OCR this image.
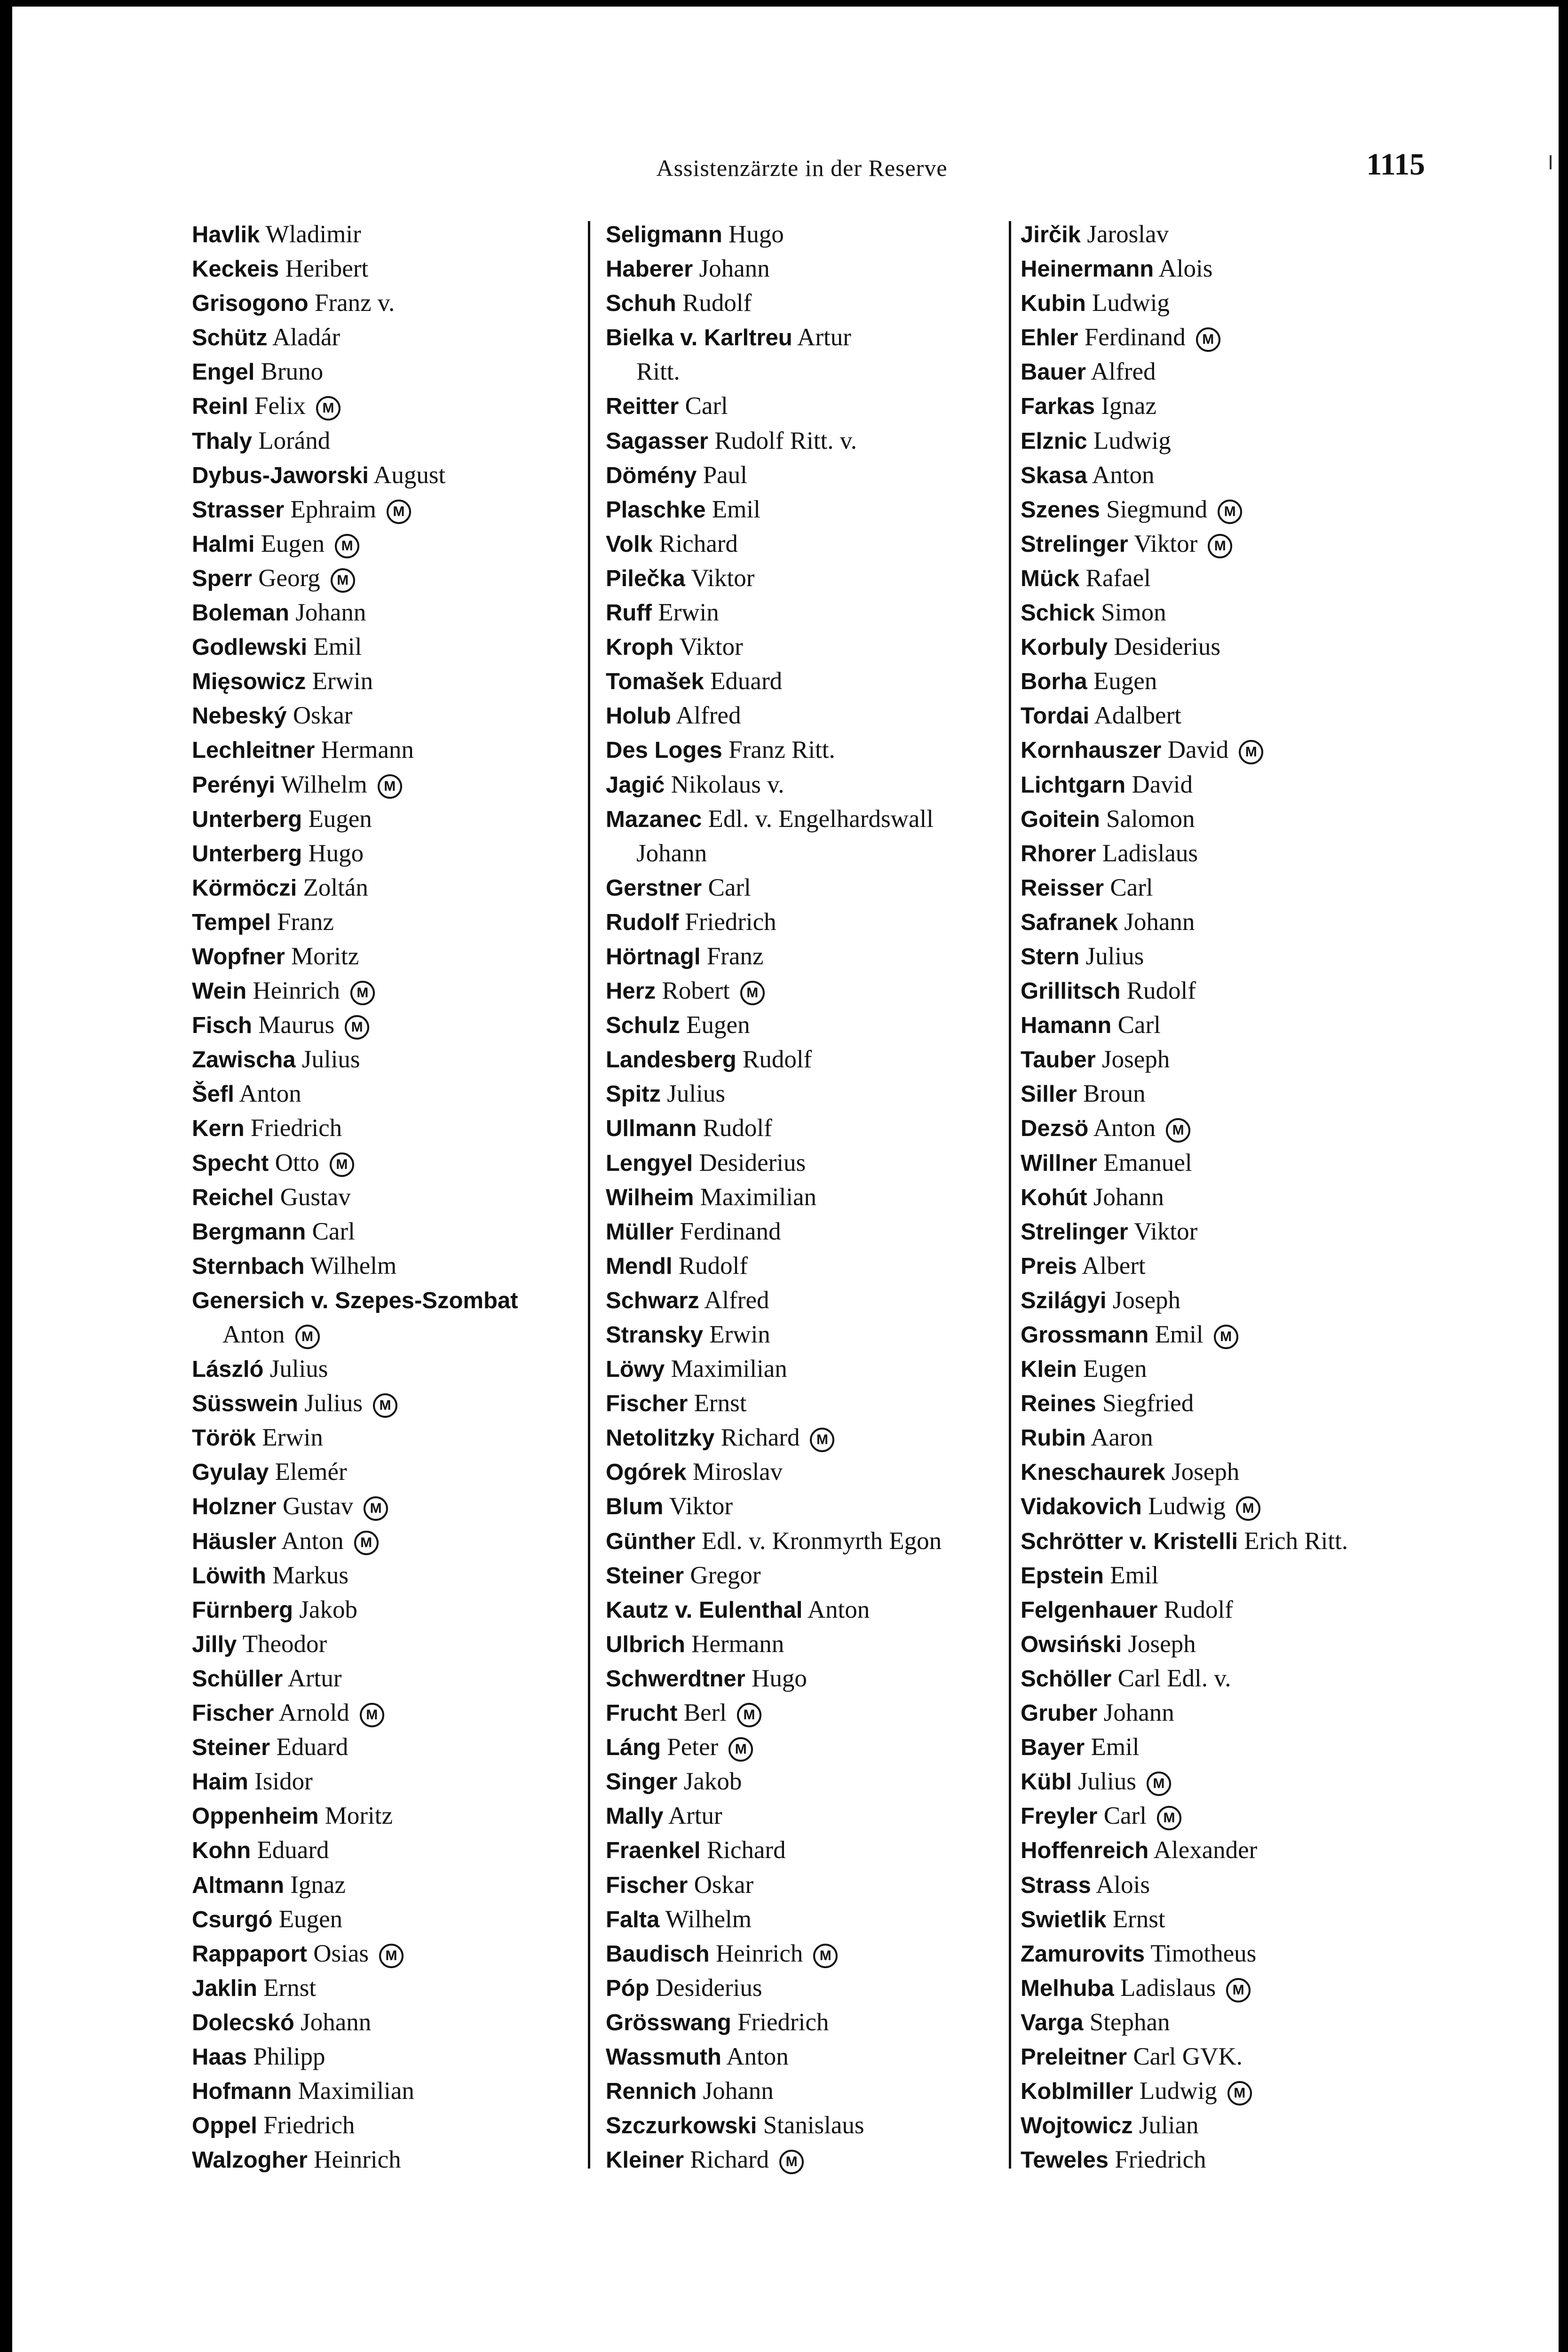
Assistenzärzte in der Reserve	1115
Havlik Wladimir
Keckeis Heribert
Grisogono Franz v.
Schütz Aladár
Engel Bruno
Reinl Felix M
Thaly Loránd
Dybus-Jaworski August
Strasser Ephraim M
Halmi Eugen M
Sperr Georg M
Boleman Johann
Godlewski Emil
Mięsowicz Erwin
Nebeský Oskar
Lechleitner Hermann
Perényi Wilhelm M
Unterberg Eugen
Unterberg Hugo
Körmöczi Zoltán
Tempel Franz
Wopfner Moritz
Wein Heinrich M
Fisch Maurus M
Zawischa Julius
Šefl Anton
Kern Friedrich
Specht Otto M
Reichel Gustav
Bergmann Carl
Sternbach Wilhelm
Genersich v. Szepes-Szombat
Anton M
László Julius
Süsswein Julius M
Török Erwin
Gyulay Elemér
Holzner Gustav M
Häusler Anton M
Löwith Markus
Fürnberg Jakob
Jilly Theodor
Schüller Artur
Fischer Arnold M
Steiner Eduard
Haim Isidor
Oppenheim Moritz
Kohn Eduard
Altmann Ignaz
Csurgó Eugen
Rappaport Osias M
Jaklin Ernst
Dolecskó Johann
Haas Philipp
Hofmann Maximilian
Oppel Friedrich
Walzogher Heinrich
Seligmann Hugo
Haberer Johann
Schuh Rudolf
Bielka v. Karltreu Artur
Ritt.
Reitter Carl
Sagasser Rudolf Ritt. v.
Dömény Paul
Plaschke Emil
Volk Richard
Pilečka Viktor
Ruff Erwin
Kroph Viktor
Tomašek Eduard
Holub Alfred
Des Loges Franz Ritt.
Jagić Nikolaus v.
Mazanec Edl. v. Engelhardswall
Johann
Gerstner Carl
Rudolf Friedrich
Hörtnagl Franz
Herz Robert M
Schulz Eugen
Landesberg Rudolf
Spitz Julius
Ullmann Rudolf
Lengyel Desiderius
Wilheim Maximilian
Müller Ferdinand
Mendl Rudolf
Schwarz Alfred
Stransky Erwin
Löwy Maximilian
Fischer Ernst
Netolitzky Richard M
Ogórek Miroslav
Blum Viktor
Günther Edl. v. Kronmyrth Egon
Steiner Gregor
Kautz v. Eulenthal Anton
Ulbrich Hermann
Schwerdtner Hugo
Frucht Berl M
Láng Peter M
Singer Jakob
Mally Artur
Fraenkel Richard
Fischer Oskar
Falta Wilhelm
Baudisch Heinrich M
Póp Desiderius
Grösswang Friedrich
Wassmuth Anton
Rennich Johann
Szczurkowski Stanislaus
Kleiner Richard M
Jirčik Jaroslav
Heinermann Alois
Kubin Ludwig
Ehler Ferdinand M
Bauer Alfred
Farkas Ignaz
Elznic Ludwig
Skasa Anton
Szenes Siegmund M
Strelinger Viktor M
Mück Rafael
Schick Simon
Korbuly Desiderius
Borha Eugen
Tordai Adalbert
Kornhauszer David M
Lichtgarn David
Goitein Salomon
Rhorer Ladislaus
Reisser Carl
Safranek Johann
Stern Julius
Grillitsch Rudolf
Hamann Carl
Tauber Joseph
Siller Broun
Dezsö Anton M
Willner Emanuel
Kohút Johann
Strelinger Viktor
Preis Albert
Szilágyi Joseph
Grossmann Emil M
Klein Eugen
Reines Siegfried
Rubin Aaron
Kneschaurek Joseph
Vidakovich Ludwig M
Schrötter v. Kristelli Erich Ritt.
Epstein Emil
Felgenhauer Rudolf
Owsiński Joseph
Schöller Carl Edl. v.
Gruber Johann
Bayer Emil
Kübl Julius M
Freyler Carl M
Hoffenreich Alexander
Strass Alois
Swietlik Ernst
Zamurovits Timotheus
Melhuba Ladislaus M
Varga Stephan
Preleitner Carl GVK.
Koblmiller Ludwig M
Wojtowicz Julian
Teweles Friedrich
